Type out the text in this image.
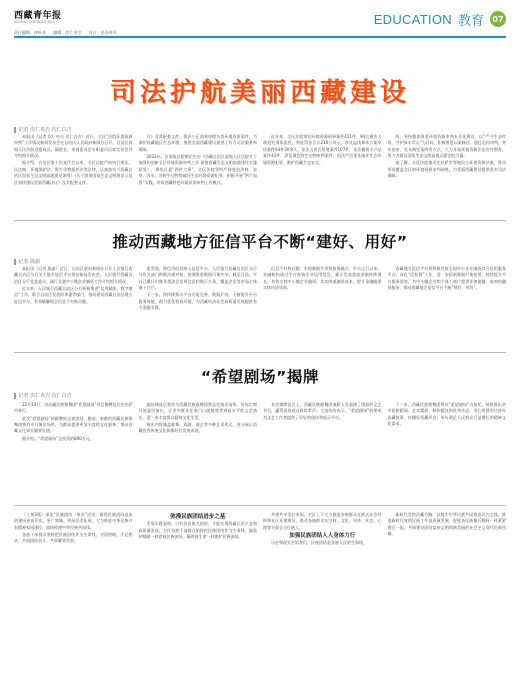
西藏青年报
XIZANG QINGNIAN BAO
责任编辑：仲旺来 编辑：次仁央宗 设计：尼玛卓玛
EDUCATION 教育	07
司法护航美丽西藏建设
记者 次仁央吉 次仁白吉

本报讯（记者 次仁央吉 次仁白吉）近日，全区“法院环境资源审判”工作情况新闻发布会在自治区人民政府新闻办召开。自治区高级人民法院党组成员、副院长、审判委员会专职委员出席发布会并介绍相关情况。

据介绍，自治区第十次党代会以来，全区法院严格执行刑法、民法典、环境保护法、野生动物保护法等法律，认真落实《西藏自治区国家生态文明高地建设条例》《关于创建国家生态文明建设示范区加快建设美丽西藏决议》及其配套文件。

议》及其配套文件，依法公正高效审理各类环境资源案件，为保护西藏地区生态环境、推进美丽西藏建设提供了有力司法服务和保障。

2022年，区高级法院制定出台《西藏自治区高级人民法院关于加强和创新全区环境资源审判工作 助推西藏生态文明高地建设实施意见》，聚焦区委“四件大事”，全区法院坚持严格惩治涉林、涉草、涉水、涉野生动物等破坏生态环境资源犯罪，积极开展“两个加强”实践，形成西藏特色环境资源审判工作模式。

近年来，全区法院审结环境资源刑事案件421件，94名被告人被追究刑事责任，判处罚金合计210万余元。涉及盗伐林木立案审结案件64件20余人，非法占用农用地案件107件，非法捕捞水产品案件43件，涉及濒危野生动物审判案件，依法严厉惩处破坏生态环境资源犯罪，维护西藏生态安全。

线，坚持整体推进环境资源审判专业化建设，以“严守生态红线、守护绿水青山”为目标，积极推进以案释法，通过巡回审判、旁听庭审、发布典型案例等方式，大力开展环境资源法治宣传教育，努力为建设国家生态文明高地贡献法院力量。

据了解，全区法院推动在拉萨市等地设立环境资源法庭，推动形成覆盖全区的环境资源审判网络，为美丽西藏建设提供坚实司法保障。

推动西藏地方征信平台不断“建好、用好”
记者 陈渝

本报讯（记者 陈渝）近日，自治区政府新闻办召开人民银行西藏自治区分行关于地方征信平台建设新闻发布会。人民银行西藏自治区分行党委委员、副行长就中小微企业融资工作介绍相关情况。

近年来，人民银行西藏自治区分行积极推进“信用赋能、数字增信”工作，联合自治区发展改革委等部门，推动建设西藏自治区地方征信平台，有效破解银企信息不对称问题。

建发展，将信用信息纳入征信平台，人民银行西藏自治区分行与有关部门积极沟通对接，协调推进数据归集共享，截至目前，平台已累计归集各类涉企信用信息约数百万条，覆盖企业等市场主体逾十万户。

下一步，将持续推动平台功能完善、数据扩容，不断提升平台服务效能，助力优化营商环境，为西藏经济社会高质量发展提供有力金融支撑。

信息不对称问题，实现数据共享和服务融合。平台运行以来，金融机构通过平台查询企业信用信息，累计发放贷款金额持续增长，有效支持中小微企业融资，切实降低融资成本，提升金融服务实体经济质效。

西藏地方征信平台将积极对接全国中小企业融资综合信用服务平台，深化“信易贷”工作，进一步拓展数据归集范围，持续提升平台服务质效，为中小微企业和个体工商户提供更加便捷、高效的融资服务，推动西藏地方征信平台不断“建好、用好”。

“希望剧场”揭牌
记者 次仁央吉 次仁白吉

12月14日，由西藏民族歌舞团“希望剧场”项目揭牌仪式在拉萨市举行。

此次“希望剧场”的揭牌标志着团结、勤奋、奉献的西藏民族歌舞团将有专门演出场所，为群众提供更加丰富的文化服务，推动西藏文化事业繁荣发展。

据介绍，“希望剧场”总投资约800万元。

剧场建成后将作为西藏民族歌舞团常态化演出场所，每周定期开展惠民演出，让更多群众在家门口就能欣赏到高水平的文艺演出，进一步丰富群众精神文化生活。

演出内容涵盖歌舞、戏剧、曲艺等多种艺术形式，充分展示西藏优秀传统文化和新时代发展成就。

本次揭牌仪式上，西藏民族歌舞团演职人员表演了精彩的文艺节目，赢得现场观众阵阵掌声。大家纷纷表示，“希望剧场”的建成为文艺工作者提供了更好的创作和展示平台。

下一步，西藏民族歌舞团将以“希望剧场”为依托，持续推出更多思想精深、艺术精湛、制作精良的优秀作品，用心用情用功讲好西藏故事，传播好西藏声音，更好满足人民群众日益增长的精神文化需求。

（上接3版）深化“民族团结一家亲”活动，推进民族团结进步创建向更高层次、更广领域、更深层次拓展，大力推进中华民族共有精神家园建设，加快构建中华民族共同体。

各族干部群众坚持把民族团结作为生命线，守望相助、手足相亲，共同团结奋斗、共同繁荣发展。

弥漫民族团结进步之基

发展实践表明，只有各民族大团结，才能实现西藏长治久安和高质量发展。全区各族干部群众始终把民族团结作为生命线，像爱护眼睛一样珍视民族团结，像珍视生命一样维护民族团结。

共建共享美好家园。全区上下大力推进各族群众互嵌式社会结构和社区环境建设，推动各族群众在空间、文化、经济、社会、心理等方面全方位嵌入。

加强民族团结人人身体力行

历史和现实告诉我们，民族团结是各族人民的生命线。

新时代党的治藏方略，以铸牢中华民族共同体意识为主线，推进新时代党的民族工作高质量发展，促进各民族像石榴籽一样紧紧抱在一起，共同建设团结富裕文明和谐美丽的社会主义现代化新西藏。
